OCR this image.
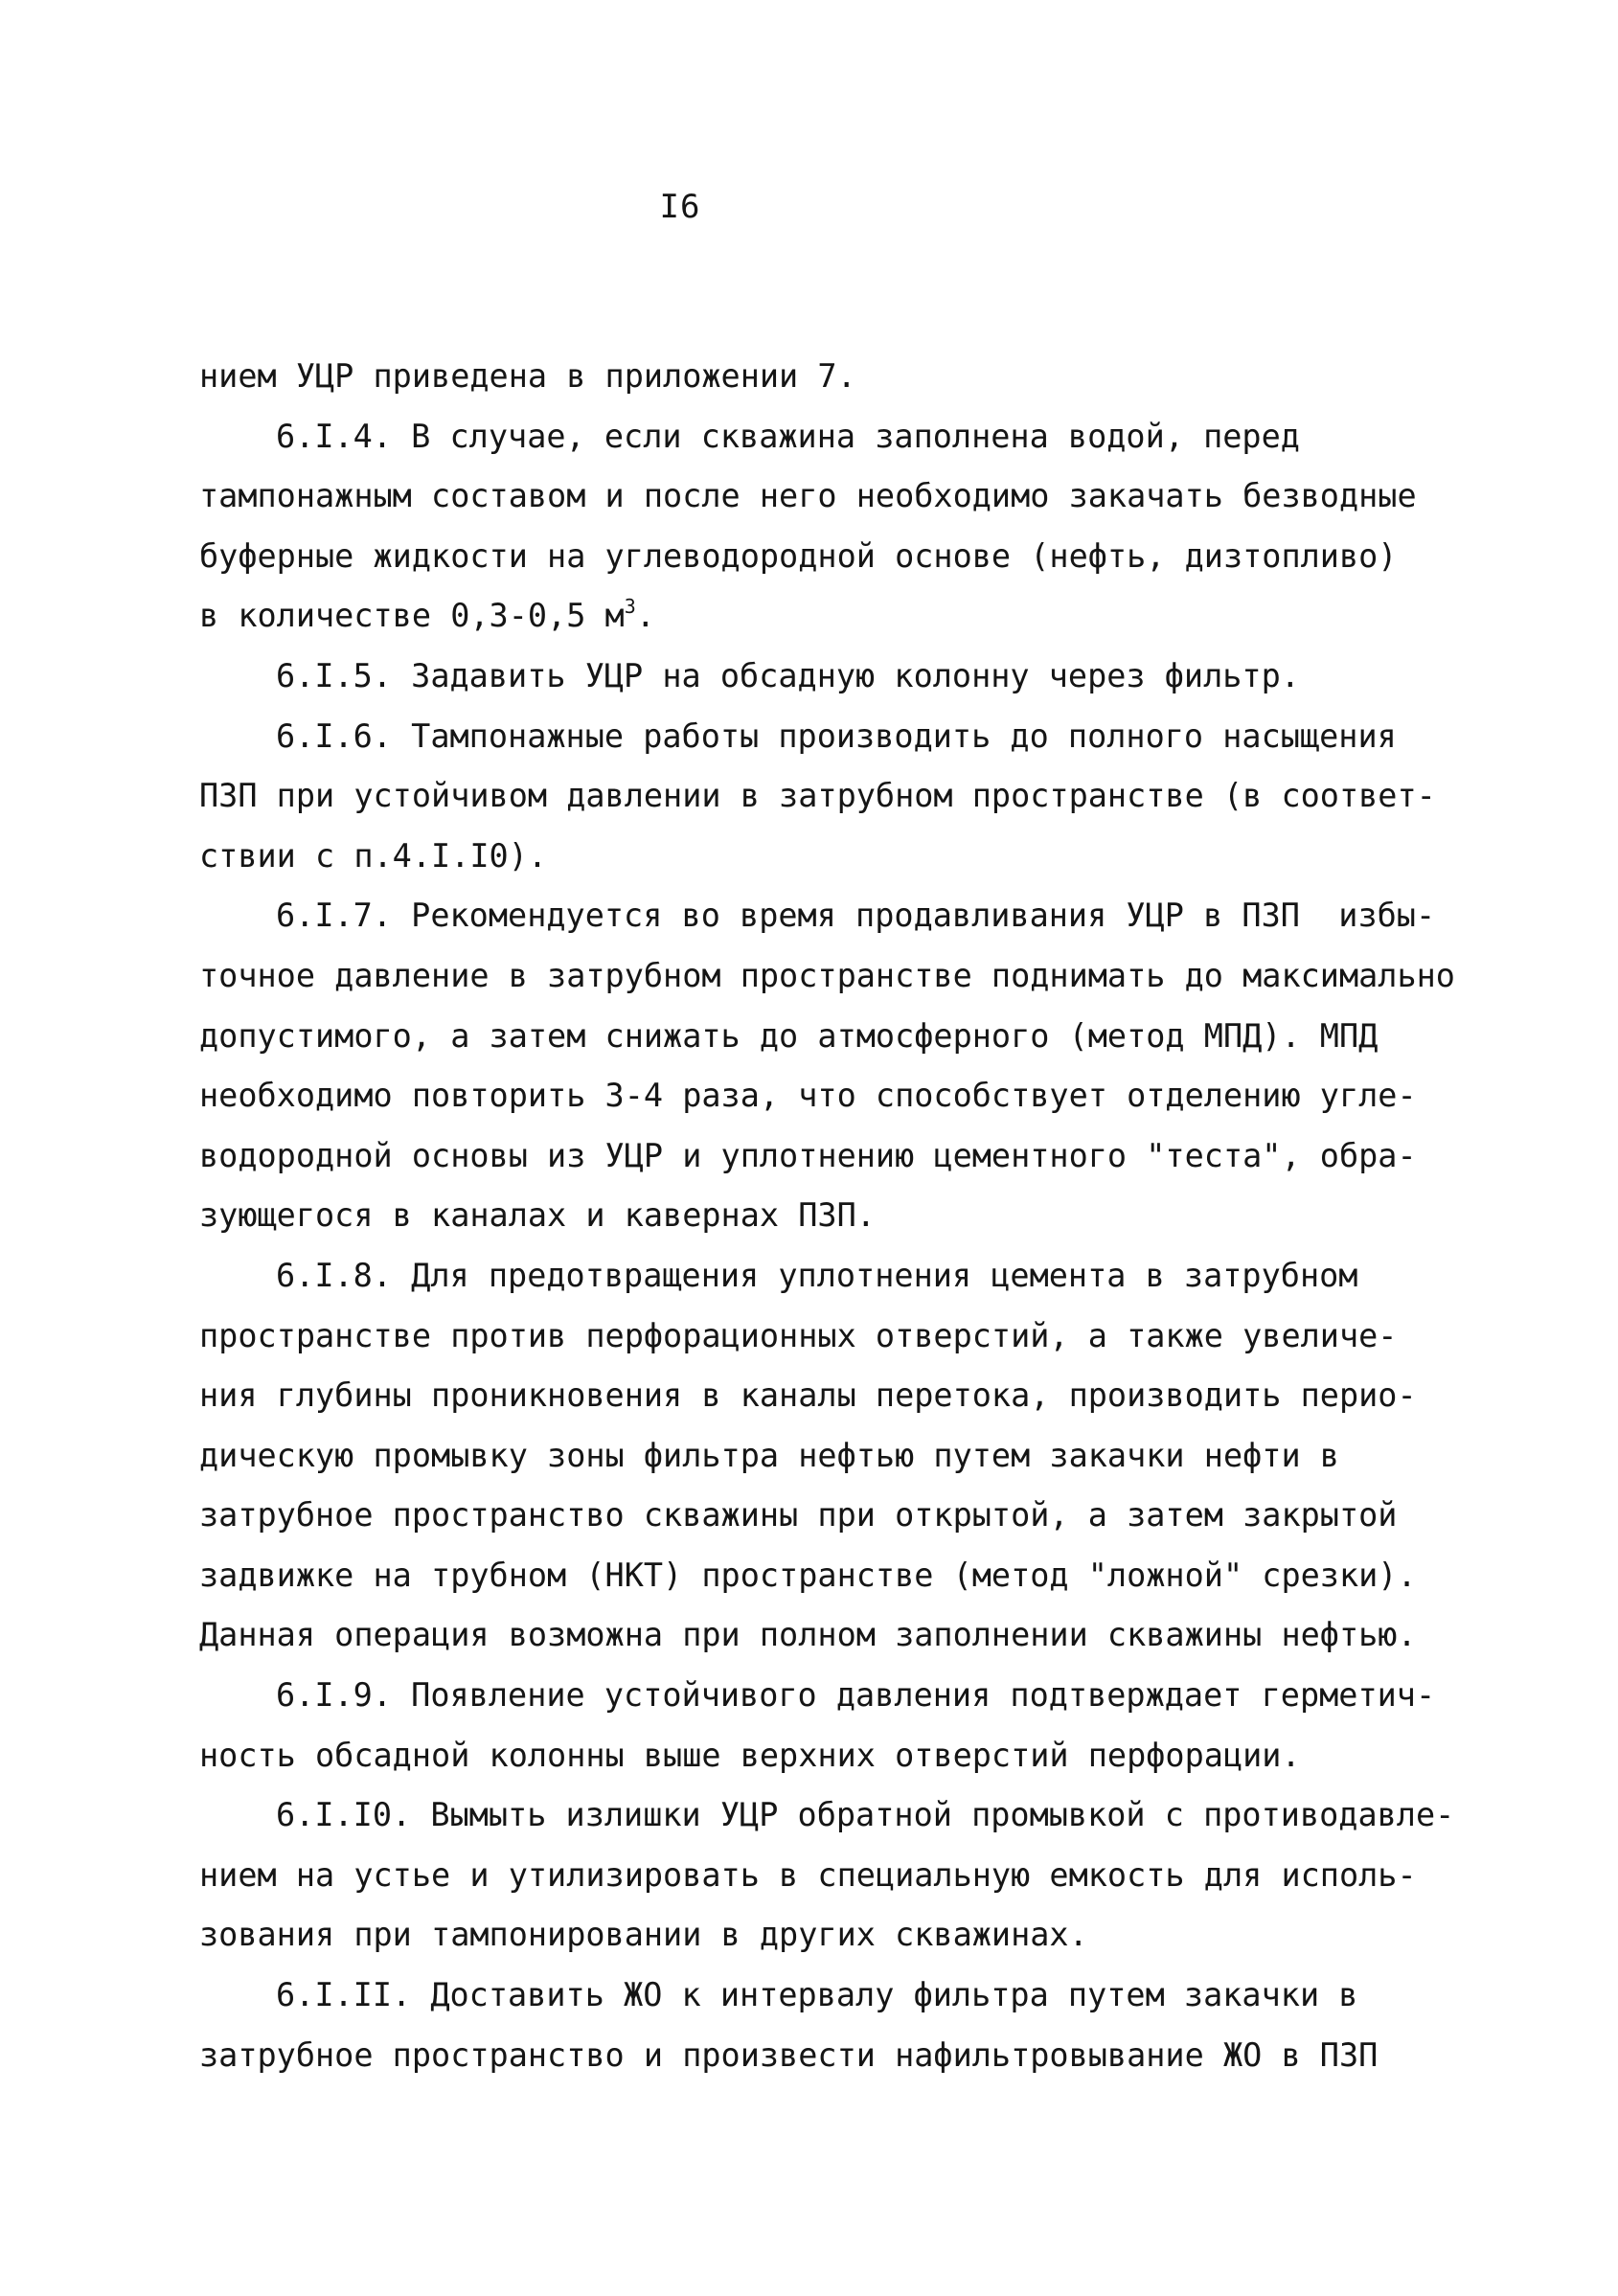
I6
нием УЦР приведена в приложении 7.
6.I.4. В случае, если скважина заполнена водой, перед
тампонажным составом и после него необходимо закачать безводные
буферные жидкости на углеводородной основе (нефть, дизтопливо)
в количестве 0,3-0,5 $м^3$.
6.I.5. Задавить УЦР на обсадную колонну через фильтр.
6.I.6. Тампонажные работы производить до полного насыщения
ПЗП при устойчивом давлении в затрубном пространстве (в соответ-
ствии с п.4.I.I0).
6.I.7. Рекомендуется во время продавливания УЦР в ПЗП  избы-
точное давление в затрубном пространстве поднимать до максимально
допустимого, а затем снижать до атмосферного (метод МПД). МПД
необходимо повторить 3-4 раза, что способствует отделению угле-
водородной основы из УЦР и уплотнению цементного "теста", обра-
зующегося в каналах и кавернах ПЗП.
6.I.8. Для предотвращения уплотнения цемента в затрубном
пространстве против перфорационных отверстий, а также увеличе-
ния глубины проникновения в каналы перетока, производить перио-
дическую промывку зоны фильтра нефтью путем закачки нефти в
затрубное пространство скважины при открытой, а затем закрытой
задвижке на трубном (НКТ) пространстве (метод "ложной" срезки).
Данная операция возможна при полном заполнении скважины нефтью.
6.I.9. Появление устойчивого давления подтверждает герметич-
ность обсадной колонны выше верхних отверстий перфорации.
6.I.I0. Вымыть излишки УЦР обратной промывкой с противодавле-
нием на устье и утилизировать в специальную емкость для исполь-
зования при тампонировании в других скважинах.
6.I.II. Доставить ЖО к интервалу фильтра путем закачки в
затрубное пространство и произвести нафильтровывание ЖО в ПЗП
